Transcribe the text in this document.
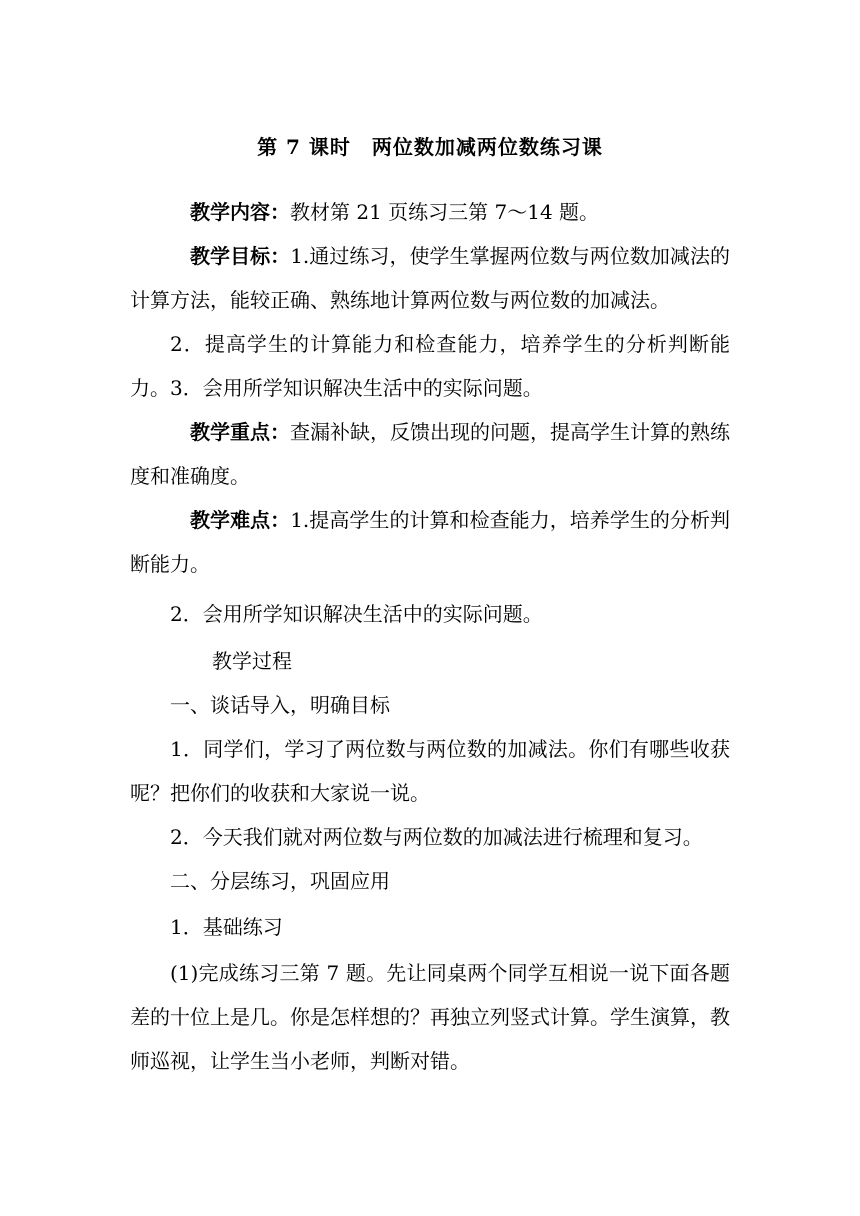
第 7 课时　两位数加减两位数练习课
教学内容：教材第 21 页练习三第 7～14 题。
教学目标：1.通过练习，使学生掌握两位数与两位数加减法的计算方法，能较正确、熟练地计算两位数与两位数的加减法。
2．提高学生的计算能力和检查能力，培养学生的分析判断能力。 3．会用所学知识解决生活中的实际问题。
教学重点：查漏补缺，反馈出现的问题，提高学生计算的熟练度和准确度。
教学难点：1.提高学生的计算和检查能力，培养学生的分析判断能力。
2．会用所学知识解决生活中的实际问题。
教学过程
一、谈话导入，明确目标
1．同学们，学习了两位数与两位数的加减法。你们有哪些收获呢？把你们的收获和大家说一说。
2．今天我们就对两位数与两位数的加减法进行梳理和复习。
二、分层练习，巩固应用
1．基础练习
(1)完成练习三第 7 题。先让同桌两个同学互相说一说下面各题差的十位上是几。你是怎样想的？再独立列竖式计算。学生演算，教师巡视，让学生当小老师，判断对错。
